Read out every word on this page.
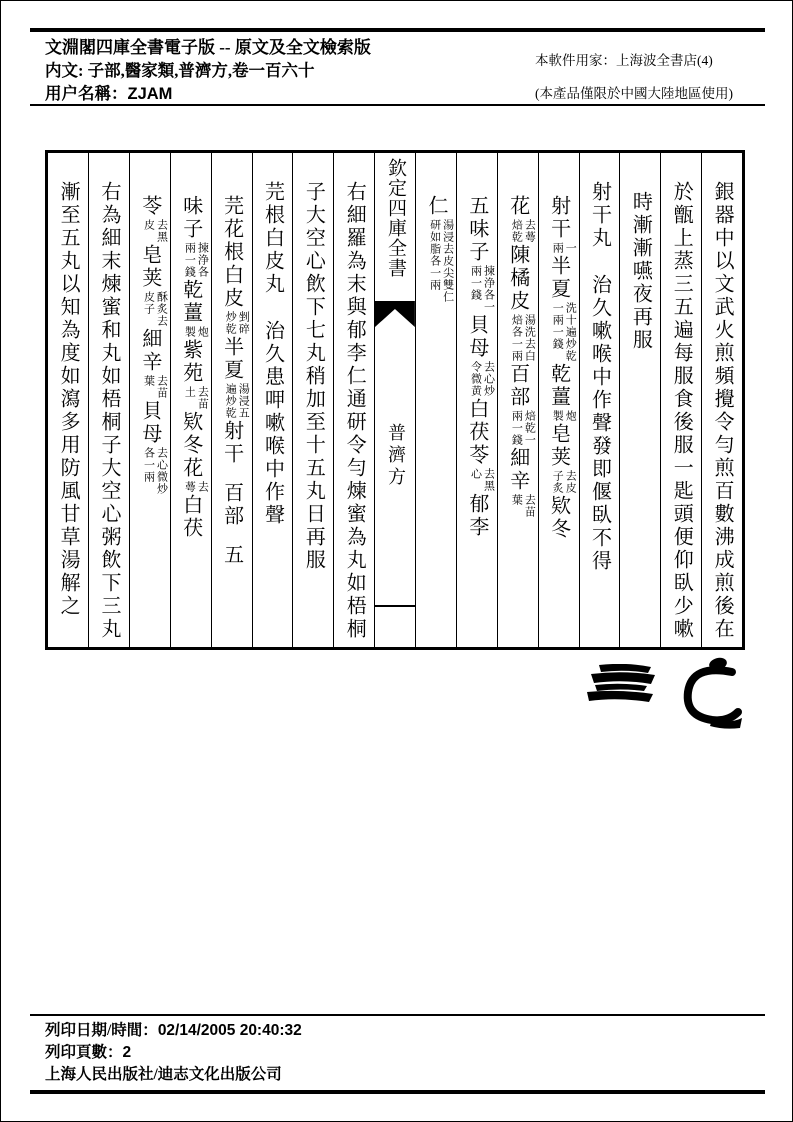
文淵閣四庫全書電子版 -- 原文及全文檢索版
内文: 子部,醫家類,普濟方,卷一百六十
用户名稱：ZJAM
本軟件用家：上海波全書店(4)
(本產品僅限於中國大陸地區使用)
銀器中以文武火煎頻攪令勻煎百數沸成煎後在
於甑上蒸三五遍每服食後服一匙頭便仰臥少嗽
時漸漸嚥夜再服
射干丸治久嗽喉中作聲發即偃臥不得
射干
一
兩
半夏
洗十遍炒乾
一兩一錢
乾薑
炮
製
皂荚
去皮
子炙
欵冬
花
去蕚
焙乾
陳橘皮
湯洗去白
焙各一兩
百部
焙乾一
兩一錢
細辛
去苗
葉
五味子
揀浄各一
兩一錢
貝母
去心炒
令微黄
白茯苓
去黑
心
郁李
仁
湯浸去皮尖雙仁
研如脂各一兩
欽定四庫全書
普濟方
右細羅為末與郁李仁通研令勻煉蜜為丸如梧桐
子大空心飲下七丸稍加至十五丸日再服
芫根白皮丸治久患呷嗽喉中作聲
芫花根白皮
剉碎
炒乾
半夏
湯浸五
遍炒乾
射干百部五
味子
揀浄各
兩一錢
乾薑
炮
製
紫苑
去苗
土
欵冬花
去
蕚
白茯
苓
去黑
皮
皂荚
酥炙去
皮子
細辛
去苗
葉
貝母
去心微炒
各一兩
右為細末煉蜜和丸如梧桐子大空心粥飲下三丸
漸至五丸以知為度如瀉多用防風甘草湯解之
列印日期/時間：02/14/2005 20:40:32
列印頁數：2
上海人民出版社/迪志文化出版公司
